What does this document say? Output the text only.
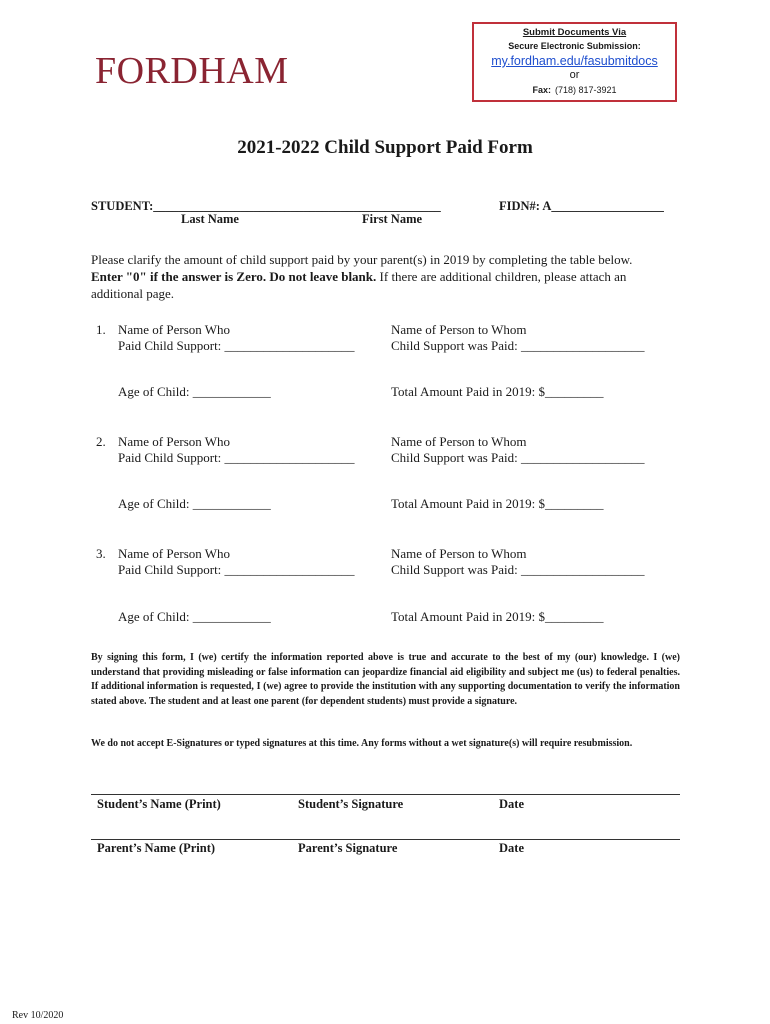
FORDHAM
Submit Documents Via
Secure Electronic Submission:
my.fordham.edu/fasubmitdocs
or
Fax: (718) 817-3921
2021-2022 Child Support Paid Form
STUDENT:______________________________________________	FIDN#: A__________________
Last Name	First Name
Please clarify the amount of child support paid by your parent(s) in 2019 by completing the table below.
Enter "0" if the answer is Zero. Do not leave blank. If there are additional children, please attach an
additional page.
1. Name of Person Who
Paid Child Support: ____________________
Name of Person to Whom
Child Support was Paid: ___________________
Age of Child: ____________	Total Amount Paid in 2019: $_________
2. Name of Person Who
Paid Child Support: ____________________
Name of Person to Whom
Child Support was Paid: ___________________
Age of Child: ____________	Total Amount Paid in 2019: $_________
3. Name of Person Who
Paid Child Support: ____________________
Name of Person to Whom
Child Support was Paid: ___________________
Age of Child: ____________	Total Amount Paid in 2019: $_________
By signing this form, I (we) certify the information reported above is true and accurate to the best of my (our) knowledge. I (we) understand that providing misleading or false information can jeopardize financial aid eligibility and subject me (us) to federal penalties. If additional information is requested, I (we) agree to provide the institution with any supporting documentation to verify the information stated above. The student and at least one parent (for dependent students) must provide a signature.
We do not accept E-Signatures or typed signatures at this time. Any forms without a wet signature(s) will require resubmission.
Student’s Name (Print)	Student’s Signature	Date
Parent’s Name (Print)	Parent’s Signature	Date
Rev 10/2020
